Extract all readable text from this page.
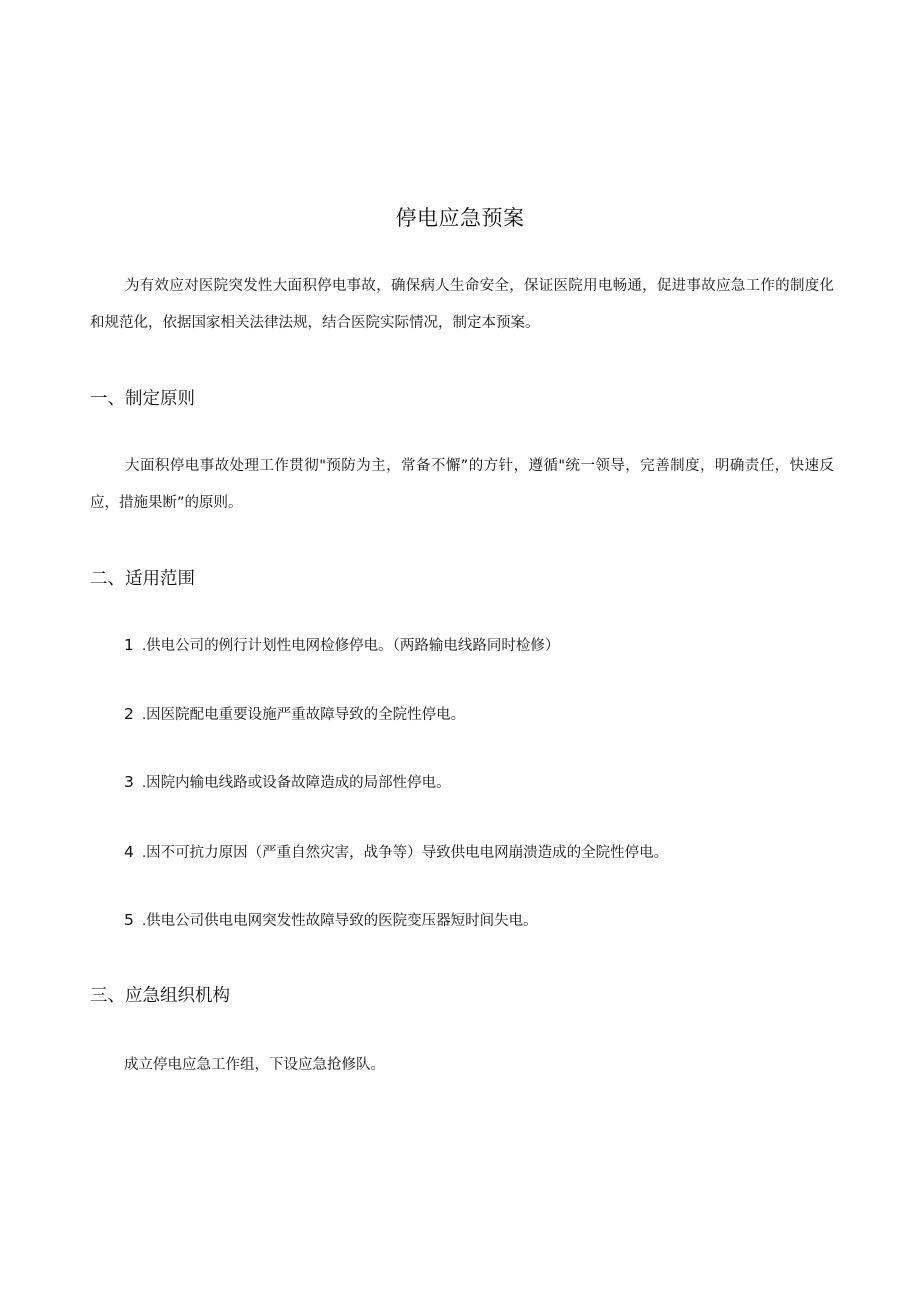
停电应急预案
为有效应对医院突发性大面积停电事故，确保病人生命安全，保证医院用电畅通，促进事故应急工作的制度化和规范化，依据国家相关法律法规，结合医院实际情况，制定本预案。
一、制定原则
大面积停电事故处理工作贯彻"预防为主，常备不懈”的方针，遵循"统一领导，完善制度，明确责任，快速反应，措施果断”的原则。
二、适用范围
1.供电公司的例行计划性电网检修停电。（两路输电线路同时检修）
2.因医院配电重要设施严重故障导致的全院性停电。
3.因院内输电线路或设备故障造成的局部性停电。
4.因不可抗力原因（严重自然灾害，战争等）导致供电电网崩溃造成的全院性停电。
5.供电公司供电电网突发性故障导致的医院变压器短时间失电。
三、应急组织机构
成立停电应急工作组，下设应急抢修队。
